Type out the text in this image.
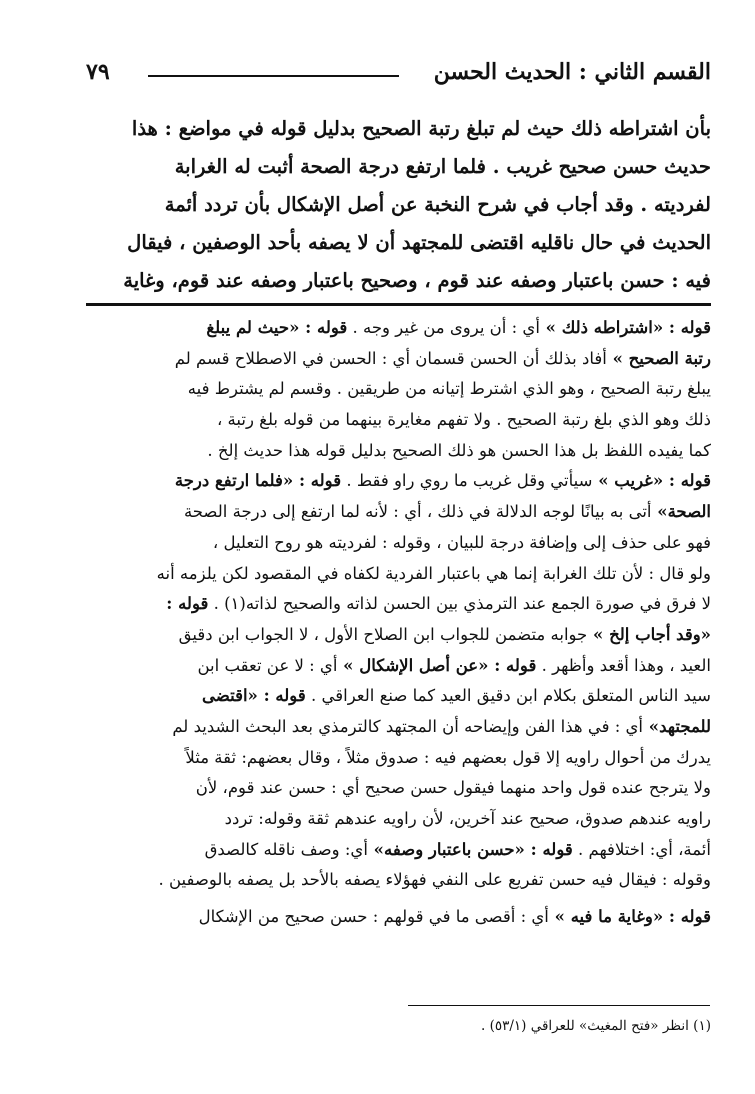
القسم الثاني : الحديث الحسن
٧٩
بأن اشتراطه ذلك حيث لم تبلغ رتبة الصحيح بدليل قوله في مواضع : هذا
حديث حسن صحيح غريب . فلما ارتفع درجة الصحة أثبت له الغرابة
لفرديته . وقد أجاب في شرح النخبة عن أصل الإشكال بأن تردد أئمة
الحديث في حال ناقليه اقتضى للمجتهد أن لا يصفه بأحد الوصفين ، فيقال
فيه : حسن باعتبار وصفه عند قوم ، وصحيح باعتبار وصفه عند قوم، وغاية
قوله : «اشتراطه ذلك » أي : أن يروى من غير وجه . قوله : «حيث لم يبلغ
رتبة الصحيح » أفاد بذلك أن الحسن قسمان أي : الحسن في الاصطلاح قسم لم
يبلغ رتبة الصحيح ، وهو الذي اشترط إتيانه من طريقين . وقسم لم يشترط فيه
ذلك وهو الذي بلغ رتبة الصحيح . ولا تفهم مغايرة بينهما من قوله بلغ رتبة ،
كما يفيده اللفظ بل هذا الحسن هو ذلك الصحيح بدليل قوله هذا حديث إلخ .
قوله : «غريب » سيأتي وقل غريب ما روي راو فقط . قوله : «فلما ارتفع درجة
الصحة» أتى به بيانًا لوجه الدلالة في ذلك ، أي : لأنه لما ارتفع إلى درجة الصحة
فهو على حذف إلى وإضافة درجة للبيان ، وقوله : لفرديته هو روح التعليل ،
ولو قال : لأن تلك الغرابة إنما هي باعتبار الفردية لكفاه في المقصود لكن يلزمه أنه
لا فرق في صورة الجمع عند الترمذي بين الحسن لذاته والصحيح لذاته(١) . قوله :
«وقد أجاب إلخ » جوابه متضمن للجواب ابن الصلاح الأول ، لا الجواب ابن دقيق
العيد ، وهذا أقعد وأظهر . قوله : «عن أصل الإشكال » أي : لا عن تعقب ابن
سيد الناس المتعلق بكلام ابن دقيق العيد كما صنع العراقي . قوله : «اقتضى
للمجتهد» أي : في هذا الفن وإيضاحه أن المجتهد كالترمذي بعد البحث الشديد لم
يدرك من أحوال راويه إلا قول بعضهم فيه : صدوق مثلاً ، وقال بعضهم: ثقة مثلاً
ولا يترجح عنده قول واحد منهما فيقول حسن صحيح أي : حسن عند قوم، لأن
راويه عندهم صدوق، صحيح عند آخرين، لأن راويه عندهم ثقة وقوله: تردد
أئمة، أي: اختلافهم . قوله : «حسن باعتبار وصفه» أي: وصف ناقله كالصدق
وقوله : فيقال فيه حسن تفريع على النفي فهؤلاء يصفه بالأحد بل يصفه بالوصفين .
قوله : «وغاية ما فيه » أي : أقصى ما في قولهم : حسن صحيح من الإشكال
(١) انظر «فتح المغيث» للعراقي (٥٣/١) .
